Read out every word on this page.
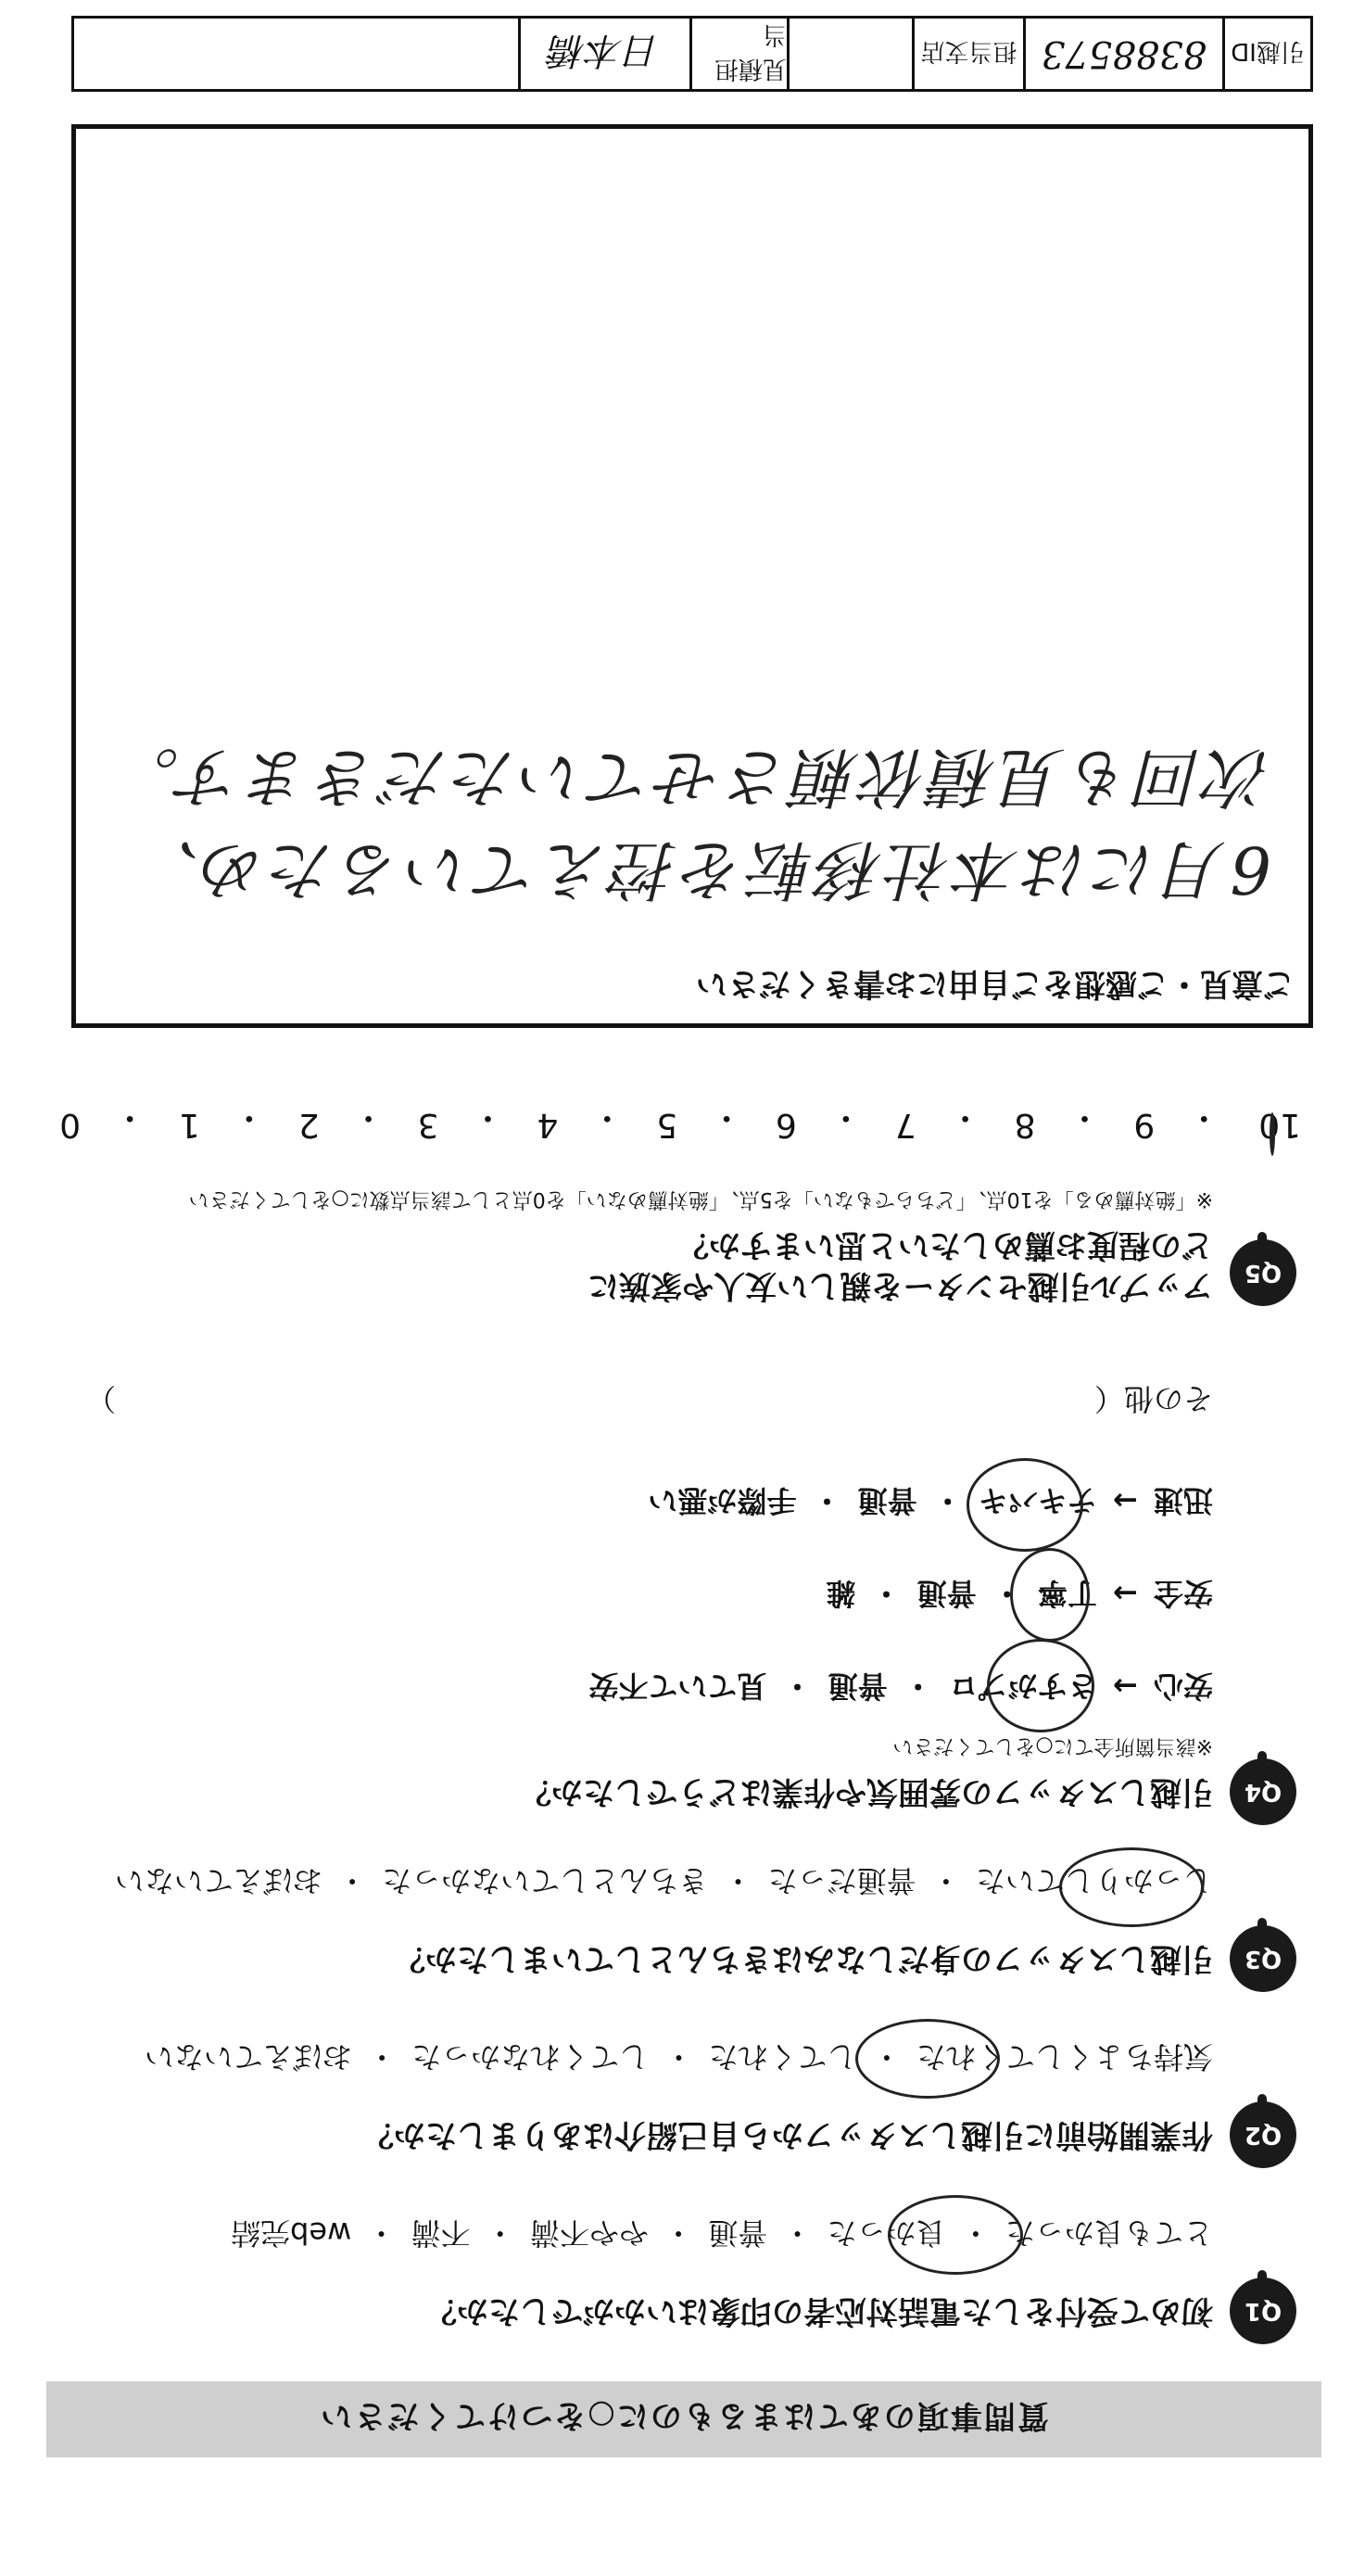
質問事項のあてはまるものに○をつけてください
Q1
初めて受付をした電話対応者の印象はいかがでしたか？
とても良かった ・ 良かった ・ 普通 ・ やや不満 ・ 不満 ・ web完結
Q2
作業開始前に引越しスタッフから自己紹介はありましたか？
気持ちよくしてくれた ・ してくれた ・ してくれなかった ・ おぼえていない
Q3
引越しスタッフの身だしなみはきちんとしていましたか？
しっかりしていた ・ 普通だった ・ きちんとしていなかった ・ おぼえていない
Q4
引越しスタッフの雰囲気や作業はどうでしたか？
※該当箇所全てに○をしてください
安心 → さすがプロ ・ 普通 ・ 見ていて不安
安全 → 丁寧 ・ 普通 ・ 雑
迅速 → テキパキ ・ 普通 ・ 手際が悪い
その他（　　　　　　　　　　　　　　　　　　　　　　　　　　　　　　　　　）
Q5
アップル引越センターを親しい友人や家族に
どの程度お薦めしたいと思いますか？
※「絶対薦める」を10点、「どちらでもない」を5点、「絶対薦めない」を0点として該当点数に○をしてください
10
・
9
・
8
・
7
・
6
・
5
・
4
・
3
・
2
・
1
・
0
ご意見・ご感想をご自由にお書きください
6月には本社移転を控えているため、
次回も見積依頼させていただきます。
引越ID
8388573
担当支店
見積担当
日本橋
